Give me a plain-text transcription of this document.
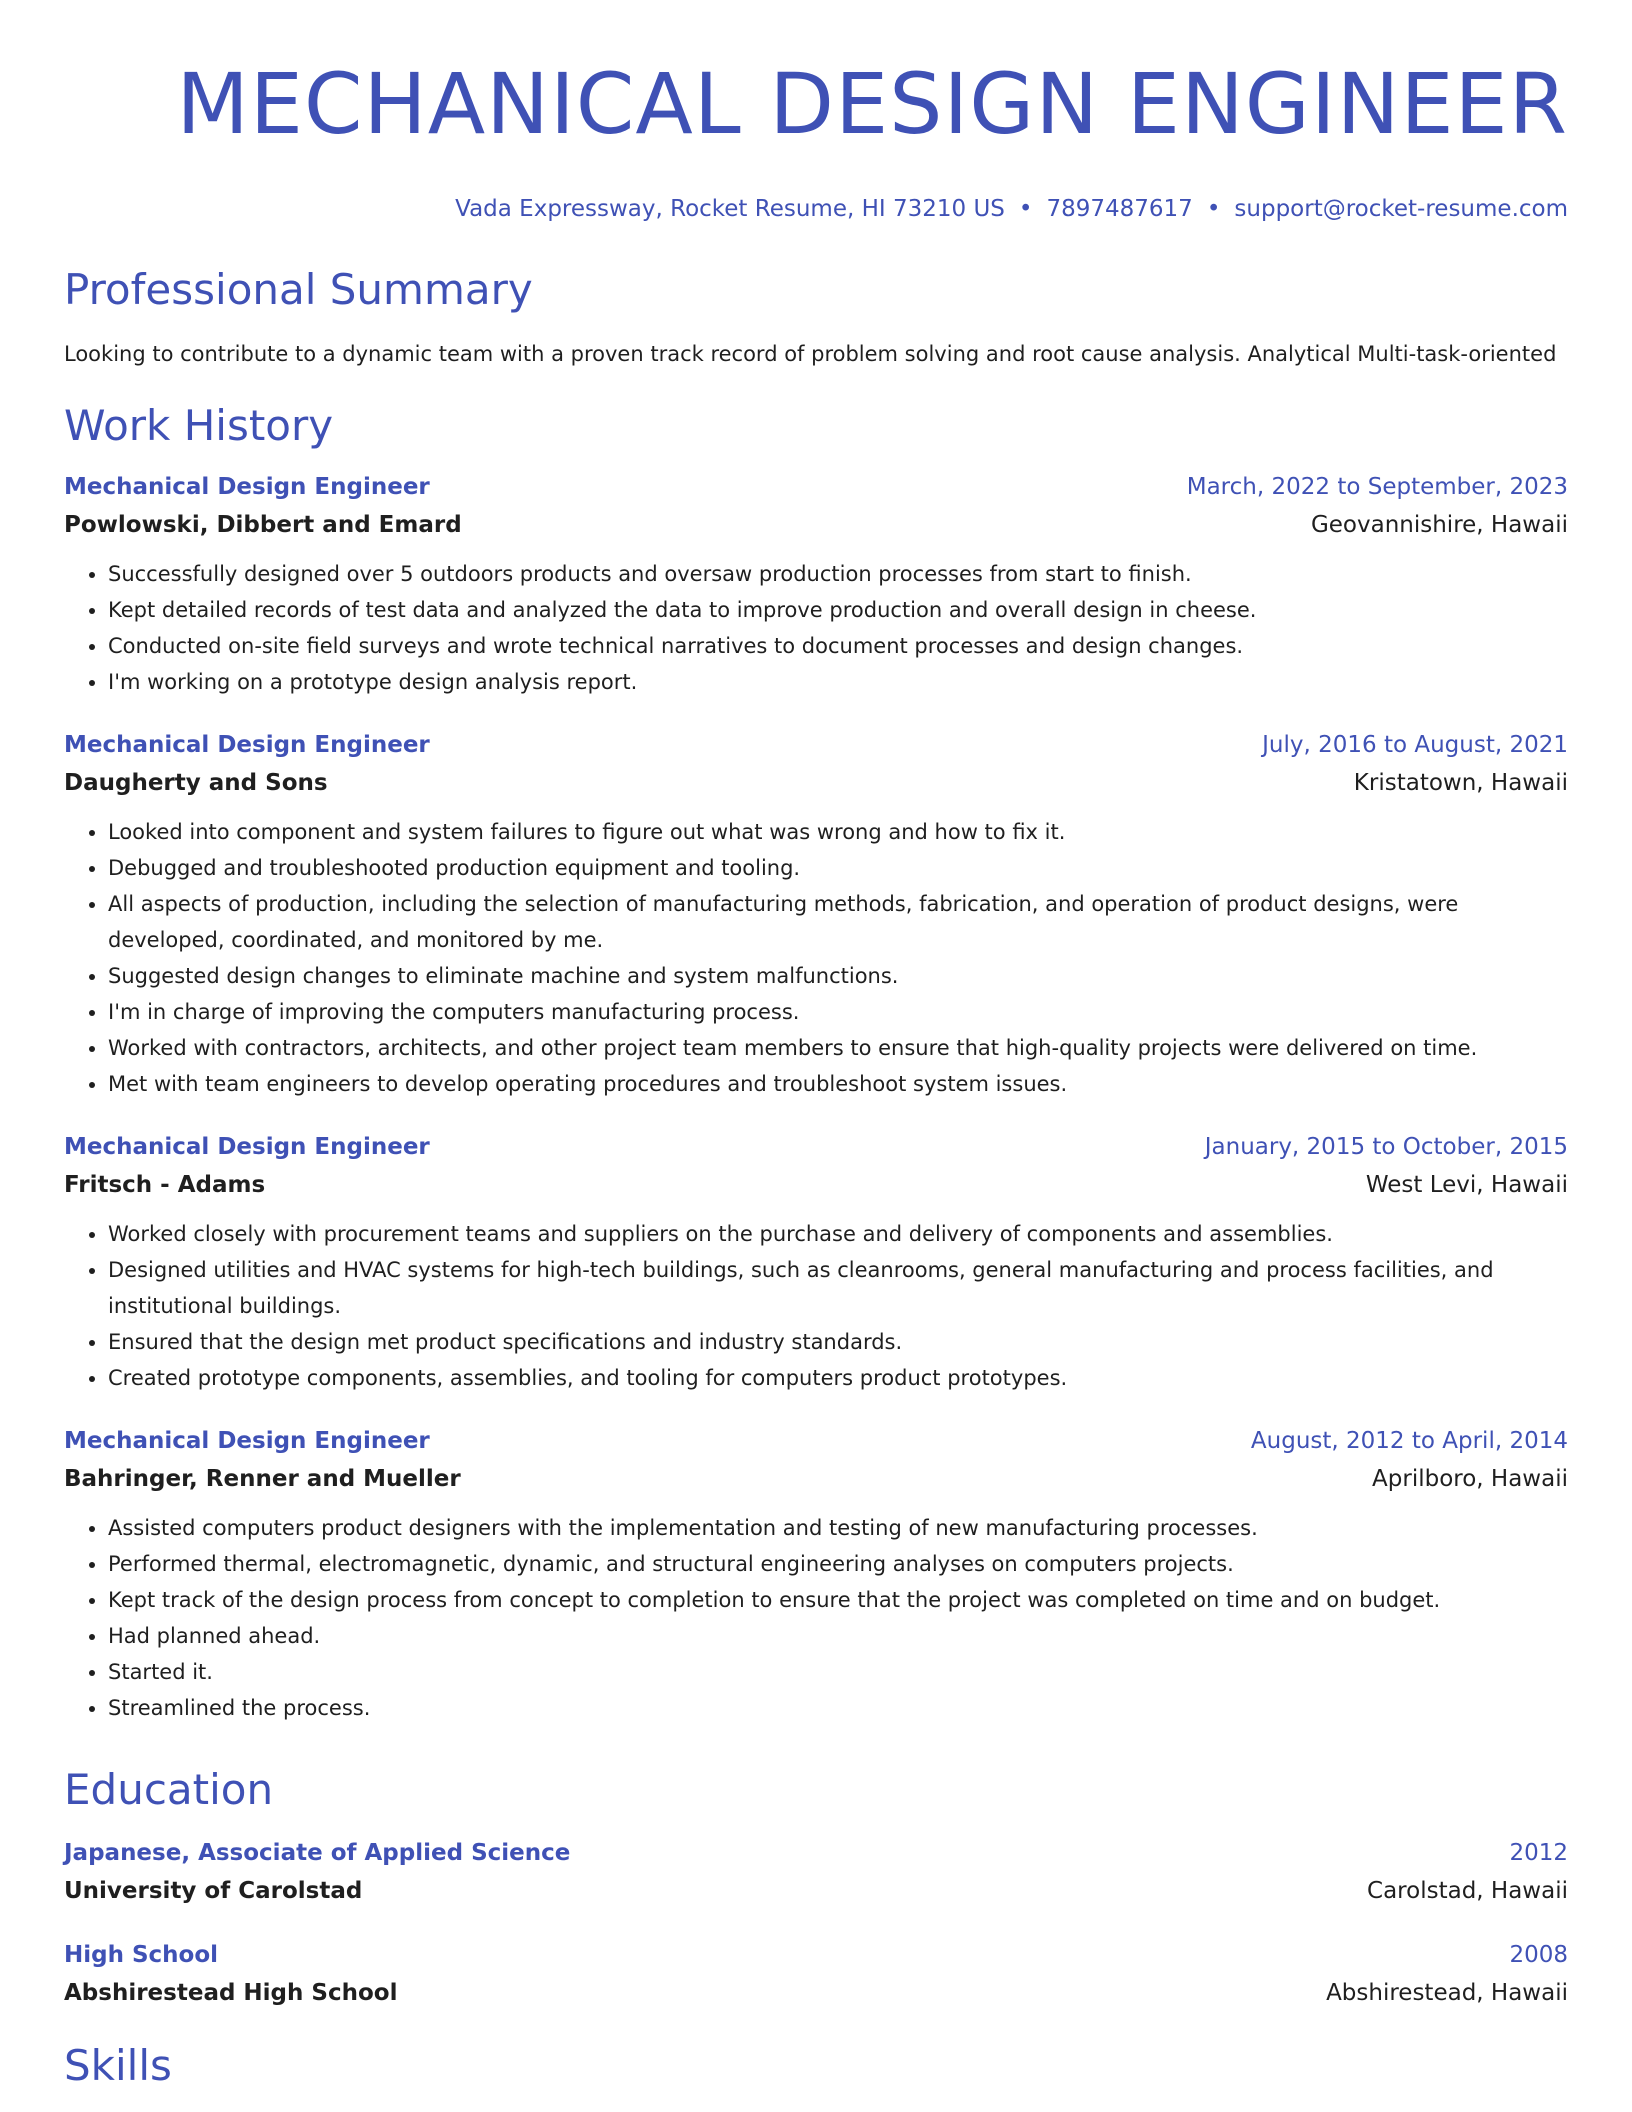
MECHANICAL DESIGN ENGINEER
Vada Expressway, Rocket Resume, HI 73210 US • 7897487617 • support@rocket-resume.com
Professional Summary
Looking to contribute to a dynamic team with a proven track record of problem solving and root cause analysis. Analytical Multi-task-oriented
Work History
Mechanical Design Engineer	March, 2022 to September, 2023
Powlowski, Dibbert and Emard	Geovannishire, Hawaii
• Successfully designed over 5 outdoors products and oversaw production processes from start to finish.
• Kept detailed records of test data and analyzed the data to improve production and overall design in cheese.
• Conducted on-site field surveys and wrote technical narratives to document processes and design changes.
• I'm working on a prototype design analysis report.
Mechanical Design Engineer	July, 2016 to August, 2021
Daugherty and Sons	Kristatown, Hawaii
• Looked into component and system failures to figure out what was wrong and how to fix it.
• Debugged and troubleshooted production equipment and tooling.
• All aspects of production, including the selection of manufacturing methods, fabrication, and operation of product designs, were developed, coordinated, and monitored by me.
• Suggested design changes to eliminate machine and system malfunctions.
• I'm in charge of improving the computers manufacturing process.
• Worked with contractors, architects, and other project team members to ensure that high-quality projects were delivered on time.
• Met with team engineers to develop operating procedures and troubleshoot system issues.
Mechanical Design Engineer	January, 2015 to October, 2015
Fritsch - Adams	West Levi, Hawaii
• Worked closely with procurement teams and suppliers on the purchase and delivery of components and assemblies.
• Designed utilities and HVAC systems for high-tech buildings, such as cleanrooms, general manufacturing and process facilities, and institutional buildings.
• Ensured that the design met product specifications and industry standards.
• Created prototype components, assemblies, and tooling for computers product prototypes.
Mechanical Design Engineer	August, 2012 to April, 2014
Bahringer, Renner and Mueller	Aprilboro, Hawaii
• Assisted computers product designers with the implementation and testing of new manufacturing processes.
• Performed thermal, electromagnetic, dynamic, and structural engineering analyses on computers projects.
• Kept track of the design process from concept to completion to ensure that the project was completed on time and on budget.
• Had planned ahead.
• Started it.
• Streamlined the process.
Education
Japanese, Associate of Applied Science	2012
University of Carolstad	Carolstad, Hawaii
High School	2008
Abshirestead High School	Abshirestead, Hawaii
Skills
